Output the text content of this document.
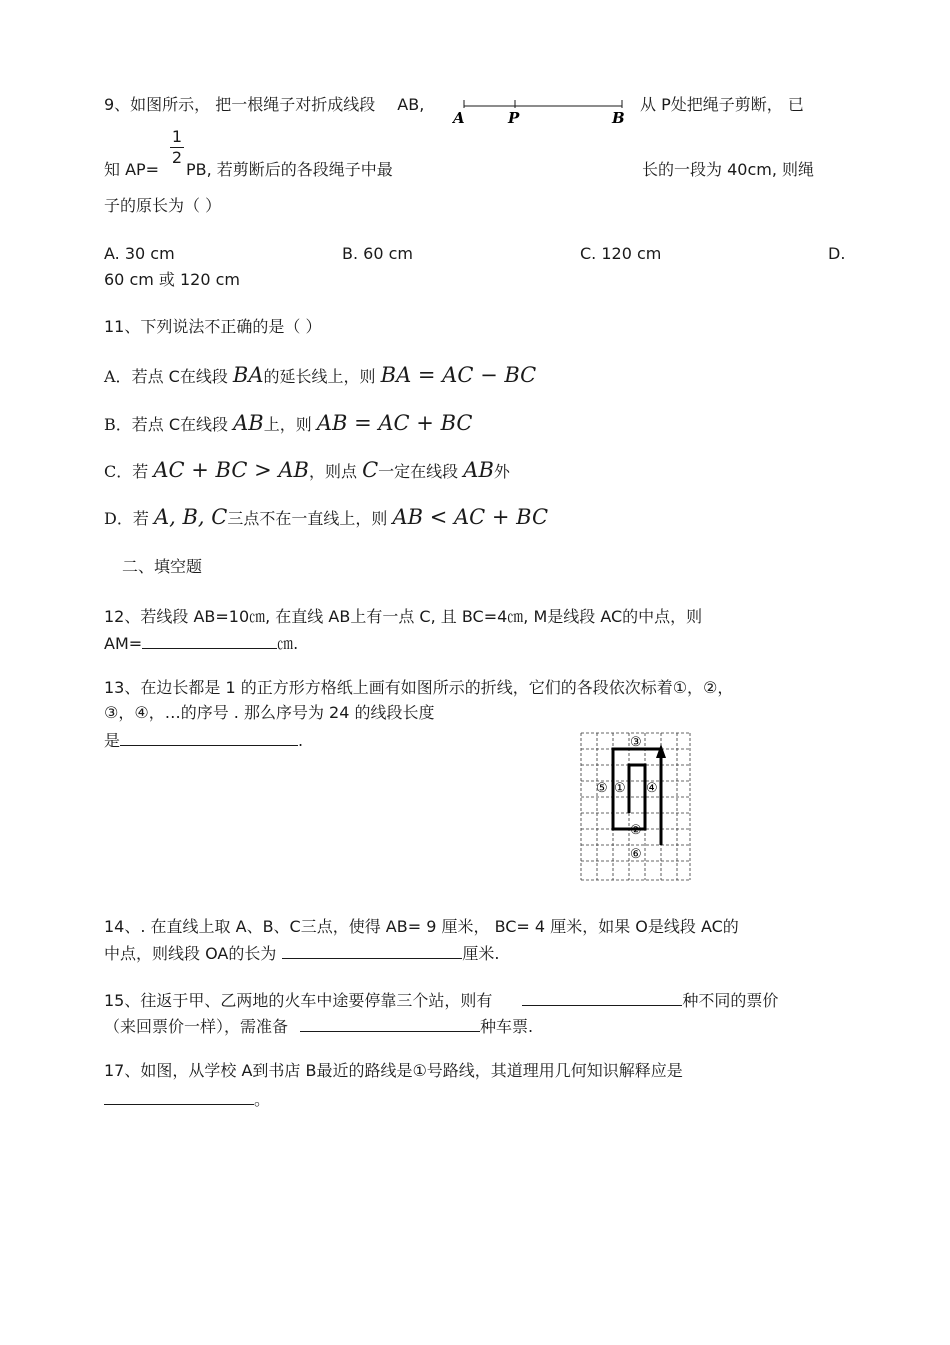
9、如图所示， 把一根绳子对折成线段 AB,
A	P	B
从 P处把绳子剪断， 已
知 AP=
1
2
PB, 若剪断后的各段绳子中最	长的一段为 40cm, 则绳
子的原长为（ ）
A. 30 cm	B. 60 cm	C. 120 cm	D.
60 cm 或 120 cm
11、下列说法不正确的是（ ）
A．若点 C在线段 BA的延长线上，则 BA = AC − BC
B．若点 C在线段 AB上，则 AB = AC + BC
C．若 AC + BC > AB，则点 C一定在线段 AB外
D．若 A, B, C三点不在一直线上，则 AB < AC + BC
二、填空题
12、若线段 AB=10㎝, 在直线 AB上有一点 C, 且 BC=4㎝, M是线段 AC的中点，则
AM=	㎝.
13、在边长都是 1 的正方形方格纸上画有如图所示的折线，它们的各段依次标着①，②，
③，④，…的序号 . 那么序号为 24 的线段长度
是	.	③
⑤ ① ④
②
⑥
14、. 在直线上取 A、B、C三点，使得 AB= 9 厘米， BC= 4 厘米，如果 O是线段 AC的
中点，则线段 OA的长为	厘米.
15、往返于甲、乙两地的火车中途要停靠三个站，则有	种不同的票价
（来回票价一样），需准备	种车票.
17、如图，从学校 A到书店 B最近的路线是①号路线，其道理用几何知识解释应是
。
